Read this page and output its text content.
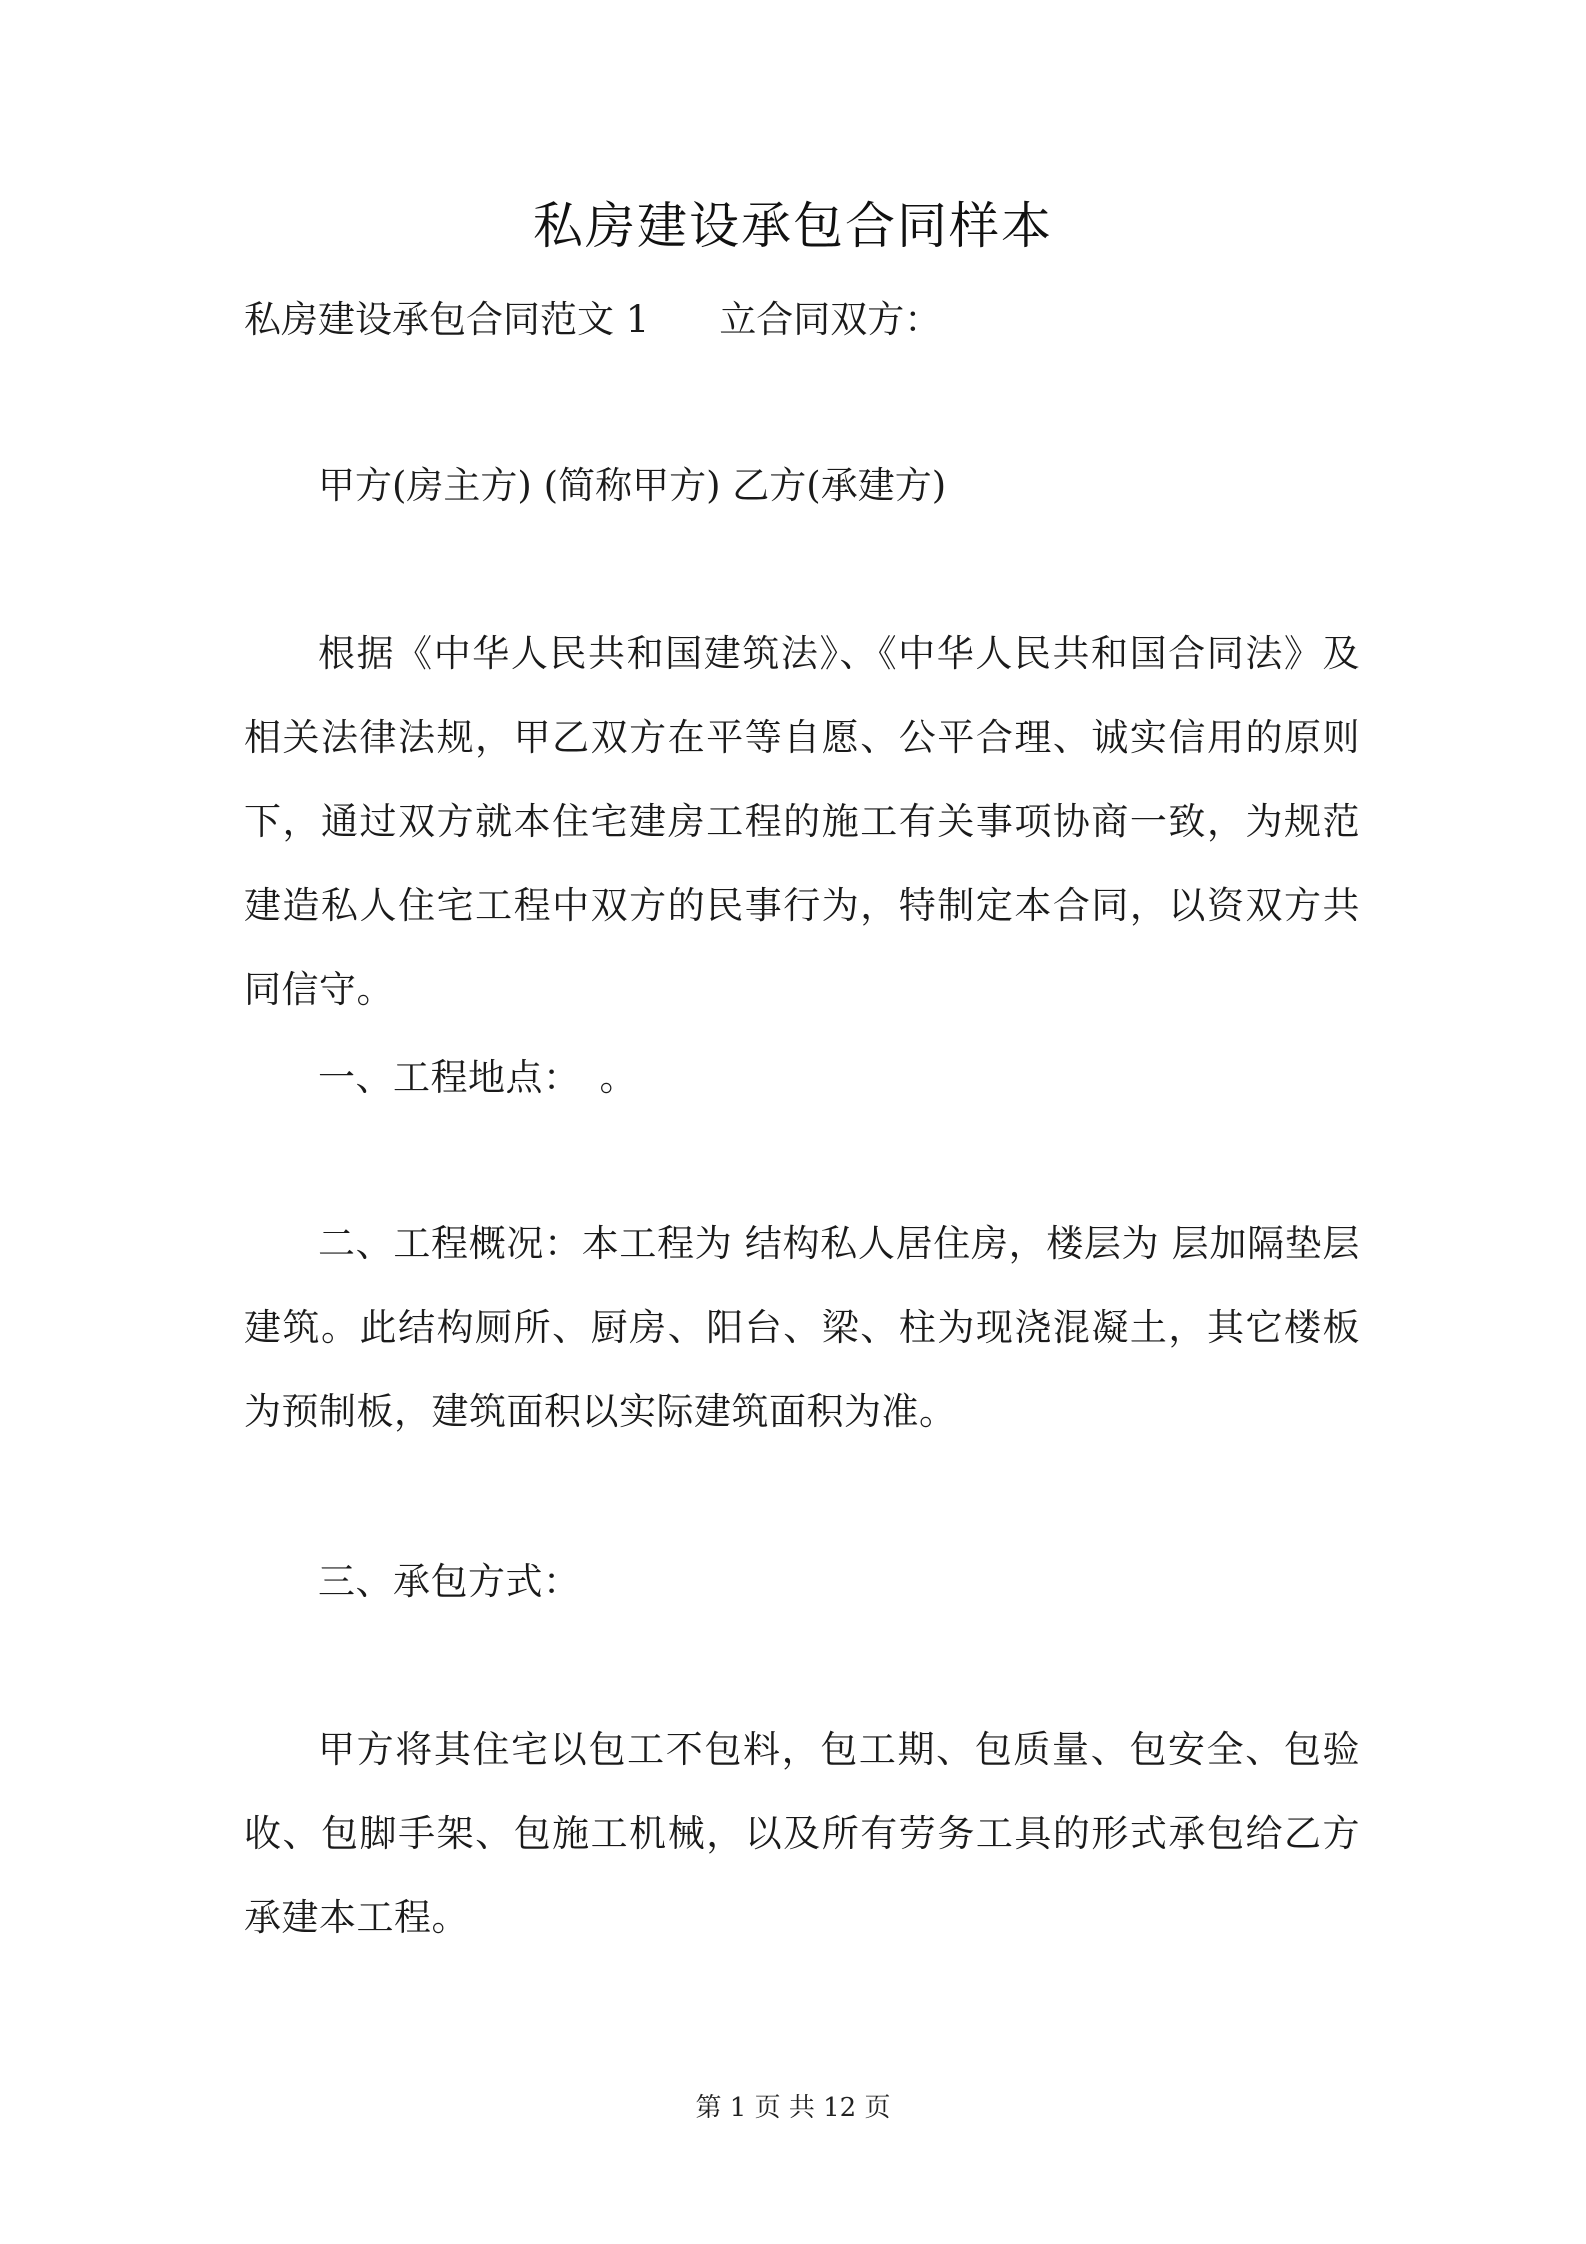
私房建设承包合同样本
私房建设承包合同范文 1 立合同双方：
甲方(房主方) (简称甲方) 乙方(承建方)
根据《中华人民共和国建筑法》、《中华人民共和国合同法》及相关法律法规，甲乙双方在平等自愿、公平合理、诚实信用的原则下，通过双方就本住宅建房工程的施工有关事项协商一致，为规范建造私人住宅工程中双方的民事行为，特制定本合同，以资双方共同信守。
一、工程地点：　。
二、工程概况：本工程为 结构私人居住房，楼层为 层加隔垫层建筑。此结构厕所、厨房、阳台、梁、柱为现浇混凝土，其它楼板为预制板，建筑面积以实际建筑面积为准。
三、承包方式：
甲方将其住宅以包工不包料，包工期、包质量、包安全、包验收、包脚手架、包施工机械，以及所有劳务工具的形式承包给乙方承建本工程。
第 1 页 共 12 页
